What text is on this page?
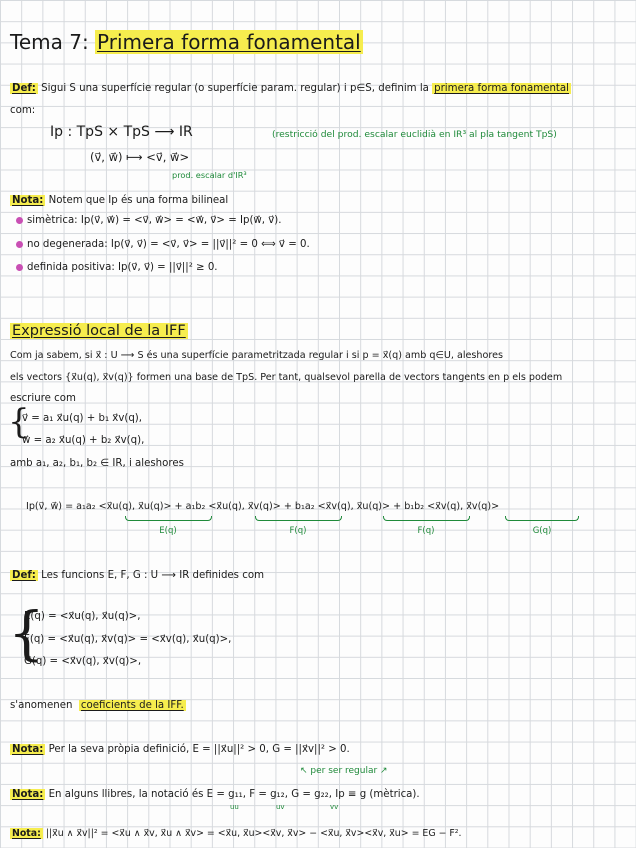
Tema 7: Primera forma fonamental
Def: Sigui S una superfície regular (o superfície param. regular) i p∈S, definim la primera forma fonamental
com:
Ip : TpS × TpS ⟶ IR	(restricció del prod. escalar euclidià en IR³ al pla tangent TpS)
(v⃗, w⃗) ⟼ <v⃗, w⃗>
prod. escalar d'IR³
Nota: Notem que Ip és una forma bilineal
simètrica: Ip(v⃗, w⃗) = <v⃗, w⃗> = <w⃗, v⃗> = Ip(w⃗, v⃗).
no degenerada: Ip(v⃗, v⃗) = <v⃗, v⃗> = ||v⃗||² = 0 ⟺ v⃗ = 0.
definida positiva: Ip(v⃗, v⃗) = ||v⃗||² ≥ 0.
Expressió local de la IFF
Com ja sabem, si x⃗ : U ⟶ S és una superfície parametritzada regular i si p = x⃗(q) amb q∈U, aleshores
els vectors {x⃗u(q), x⃗v(q)} formen una base de TpS. Per tant, qualsevol parella de vectors tangents en p els podem
escriure com
{
v⃗ = a₁ x⃗u(q) + b₁ x⃗v(q),
w⃗ = a₂ x⃗u(q) + b₂ x⃗v(q),
amb a₁, a₂, b₁, b₂ ∈ IR, i aleshores
Ip(v⃗, w⃗) = a₁a₂ <x⃗u(q), x⃗u(q)> + a₁b₂ <x⃗u(q), x⃗v(q)> + b₁a₂ <x⃗v(q), x⃗u(q)> + b₁b₂ <x⃗v(q), x⃗v(q)>
E(q)	F(q)	F(q)	G(q)
Def: Les funcions E, F, G : U ⟶ IR definides com
{
E(q) = <x⃗u(q), x⃗u(q)>,
F(q) = <x⃗u(q), x⃗v(q)> = <x⃗v(q), x⃗u(q)>,
G(q) = <x⃗v(q), x⃗v(q)>,
s'anomenen coeficients de la IFF.
Nota: Per la seva pròpia definició, E = ||x⃗u||² > 0, G = ||x⃗v||² > 0.
↖ per ser regular ↗
Nota: En alguns llibres, la notació és E = g₁₁, F = g₁₂, G = g₂₂, Ip ≡ g (mètrica).
uu	uv	vv
Nota: ||x⃗u ∧ x⃗v||² = <x⃗u ∧ x⃗v, x⃗u ∧ x⃗v> = <x⃗u, x⃗u><x⃗v, x⃗v> − <x⃗u, x⃗v><x⃗v, x⃗u> = EG − F².
